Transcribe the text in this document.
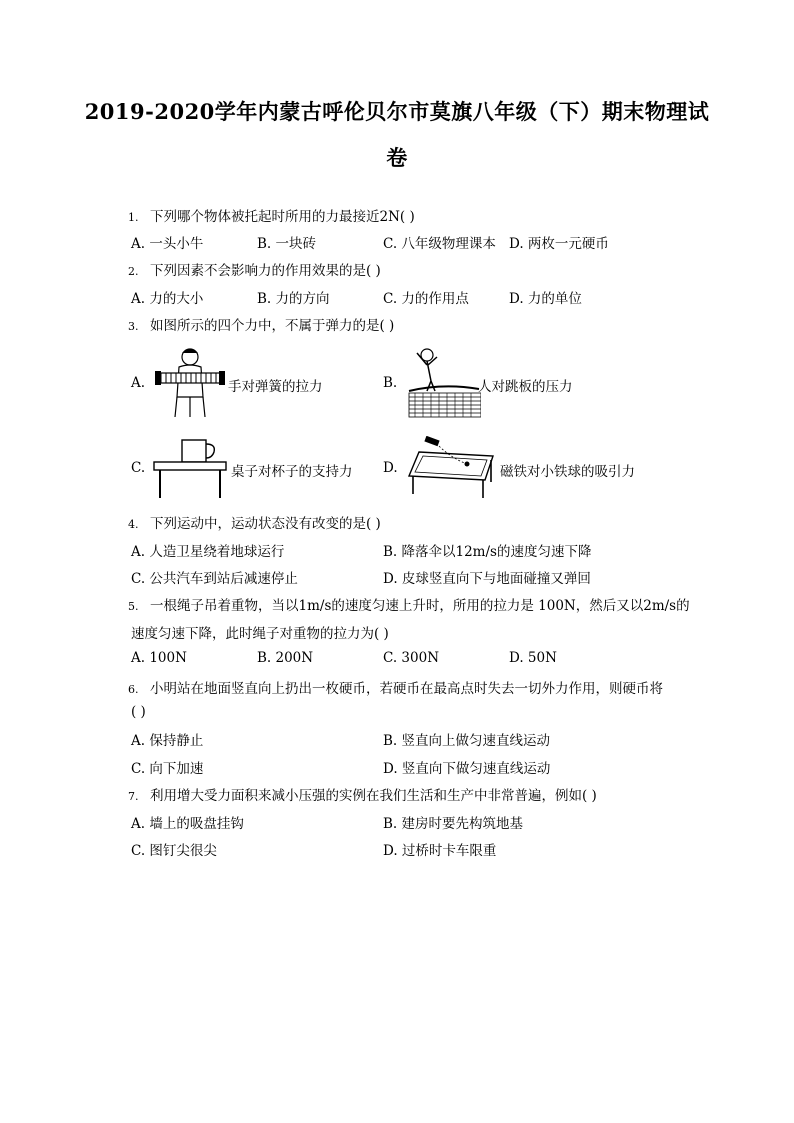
2019-2020学年内蒙古呼伦贝尔市莫旗八年级（下）期末物理试
卷
1. 下列哪个物体被托起时所用的力最接近2N( )
A. 一头小牛	B. 一块砖	C. 八年级物理课本 D. 两枚一元硬币
2. 下列因素不会影响力的作用效果的是( )
A. 力的大小	B. 力的方向	C. 力的作用点	D. 力的单位
3. 如图所示的四个力中，不属于弹力的是( )
A.	手对弹簧的拉力	B.	人对跳板的压力
C.	桌子对杯子的支持力 D.	磁铁对小铁球的吸引力
4. 下列运动中，运动状态没有改变的是( )
A. 人造卫星绕着地球运行	B. 降落伞以12m/s的速度匀速下降
C. 公共汽车到站后减速停止	D. 皮球竖直向下与地面碰撞又弹回
5. 一根绳子吊着重物，当以1m/s的速度匀速上升时，所用的拉力是 100N，然后又以2m/s的
速度匀速下降，此时绳子对重物的拉力为( )
A. 100N	B. 200N	C. 300N	D. 50N
6. 小明站在地面竖直向上扔出一枚硬币，若硬币在最高点时失去一切外力作用，则硬币将
( )
A. 保持静止	B. 竖直向上做匀速直线运动
C. 向下加速	D. 竖直向下做匀速直线运动
7. 利用增大受力面积来减小压强的实例在我们生活和生产中非常普遍，例如( )
A. 墙上的吸盘挂钩	B. 建房时要先构筑地基
C. 图钉尖很尖	D. 过桥时卡车限重
